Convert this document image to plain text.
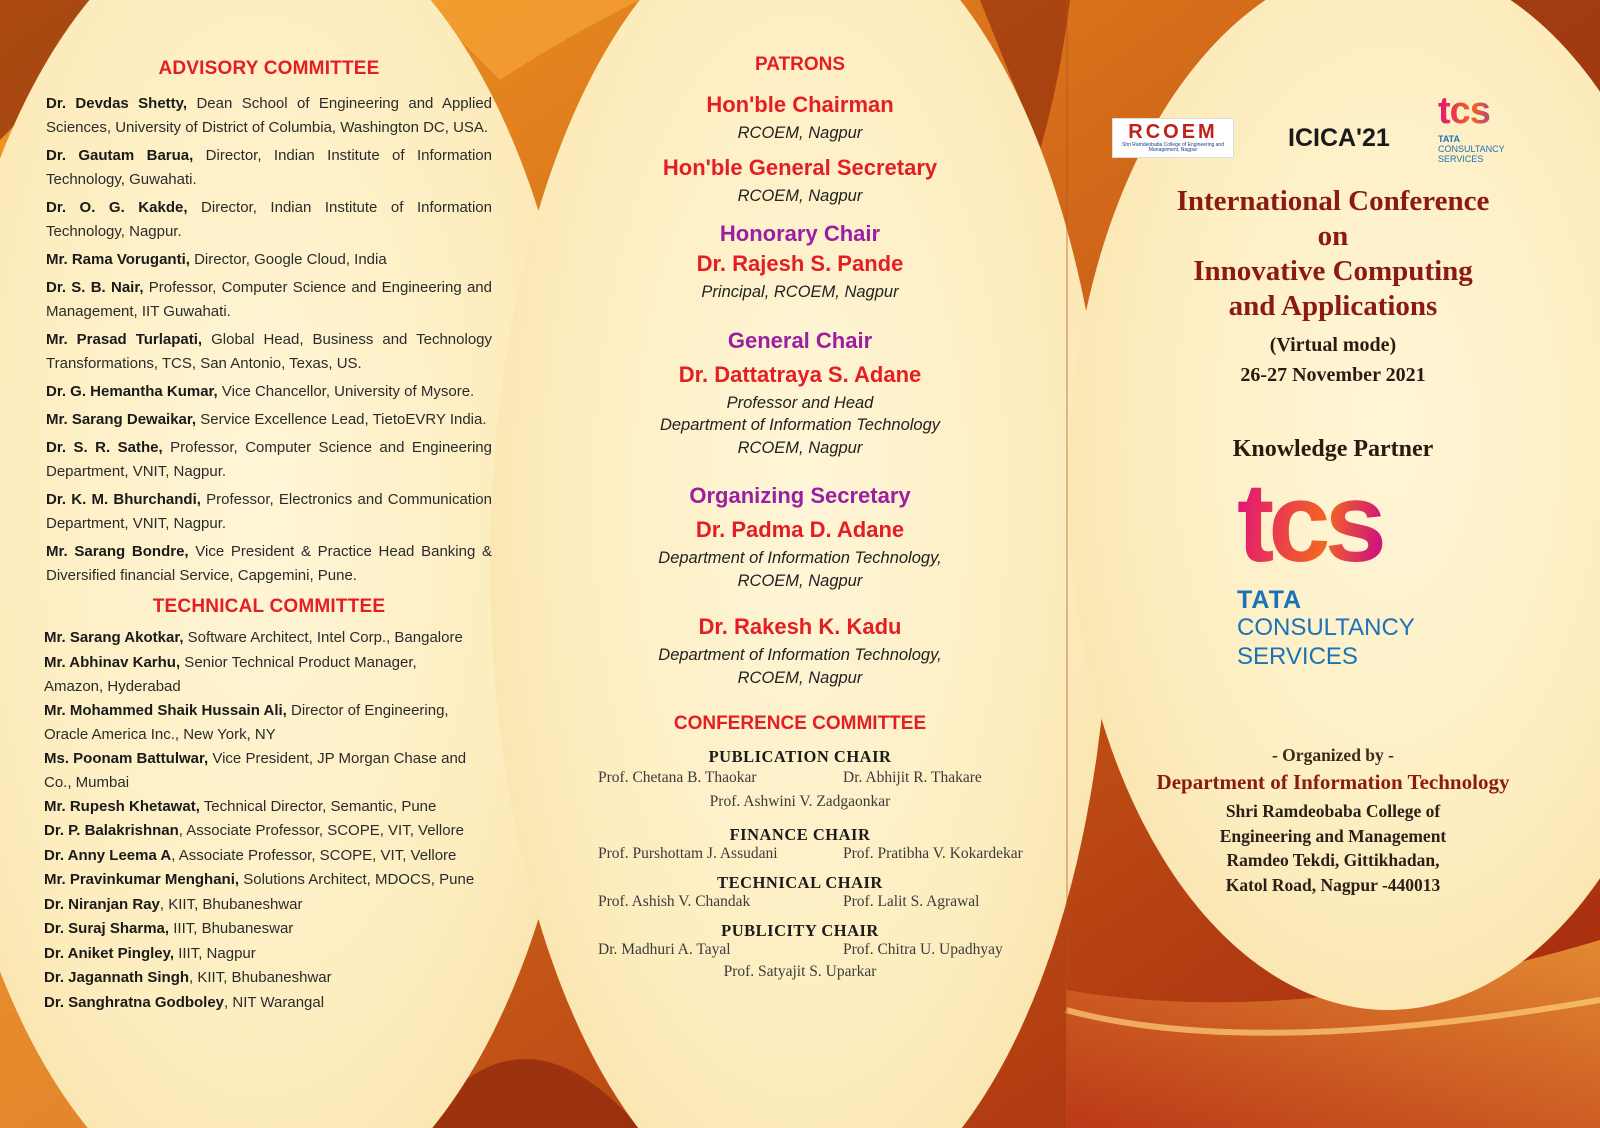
ADVISORY COMMITTEE
Dr. Devdas Shetty, Dean School of Engineering and Applied Sciences, University of District of Columbia, Washington DC, USA.
Dr. Gautam Barua, Director, Indian Institute of Information Technology, Guwahati.
Dr. O. G. Kakde, Director, Indian Institute of Information Technology, Nagpur.
Mr. Rama Voruganti, Director, Google Cloud, India
Dr. S. B. Nair, Professor, Computer Science and Engineering and Management, IIT Guwahati.
Mr. Prasad Turlapati, Global Head, Business and Technology Transformations, TCS, San Antonio, Texas, US.
Dr. G. Hemantha Kumar, Vice Chancellor, University of Mysore.
Mr. Sarang Dewaikar, Service Excellence Lead, TietoEVRY India.
Dr. S. R. Sathe, Professor, Computer Science and Engineering Department, VNIT, Nagpur.
Dr. K. M. Bhurchandi, Professor, Electronics and Communication Department, VNIT, Nagpur.
Mr. Sarang Bondre, Vice President & Practice Head Banking & Diversified financial Service, Capgemini, Pune.
TECHNICAL COMMITTEE
Mr. Sarang Akotkar, Software Architect, Intel Corp., Bangalore
Mr. Abhinav Karhu, Senior Technical Product Manager, Amazon, Hyderabad
Mr. Mohammed Shaik Hussain Ali, Director of Engineering, Oracle America Inc., New York, NY
Ms. Poonam Battulwar, Vice President, JP Morgan Chase and Co., Mumbai
Mr. Rupesh Khetawat, Technical Director, Semantic, Pune
Dr. P. Balakrishnan, Associate Professor, SCOPE, VIT, Vellore
Dr. Anny Leema A, Associate Professor, SCOPE, VIT, Vellore
Mr. Pravinkumar Menghani, Solutions Architect, MDOCS, Pune
Dr. Niranjan Ray, KIIT, Bhubaneshwar
Dr. Suraj Sharma, IIIT, Bhubaneswar
Dr. Aniket Pingley, IIIT, Nagpur
Dr. Jagannath Singh, KIIT, Bhubaneshwar
Dr. Sanghratna Godboley, NIT Warangal
PATRONS
Hon'ble Chairman
RCOEM, Nagpur
Hon'ble General Secretary
RCOEM, Nagpur
Honorary Chair
Dr. Rajesh S. Pande
Principal, RCOEM, Nagpur
General Chair
Dr. Dattatraya S. Adane
Professor and Head
Department of Information Technology
RCOEM, Nagpur
Organizing Secretary
Dr. Padma D. Adane
Department of Information Technology,
RCOEM, Nagpur
Dr. Rakesh K. Kadu
Department of Information Technology,
RCOEM, Nagpur
CONFERENCE COMMITTEE
PUBLICATION CHAIR
Prof. Chetana B. Thaokar	Dr. Abhijit R. Thakare
Prof. Ashwini V. Zadgaonkar
FINANCE CHAIR
Prof. Purshottam J. Assudani	Prof. Pratibha V. Kokardekar
TECHNICAL CHAIR
Prof. Ashish V. Chandak	Prof. Lalit S. Agrawal
PUBLICITY CHAIR
Dr. Madhuri A. Tayal	Prof. Chitra U. Upadhyay
Prof. Satyajit S. Uparkar
RCOEM
Shri Ramdeobaba College of Engineering and Management, Nagpur	ICICA'21
tcs
TATA
CONSULTANCY
SERVICES
International Conference
on
Innovative Computing
and Applications
(Virtual mode)
26-27 November 2021
Knowledge Partner
tcs
TATA
CONSULTANCY
SERVICES
- Organized by -
Department of Information Technology
Shri Ramdeobaba College of
Engineering and Management
Ramdeo Tekdi, Gittikhadan,
Katol Road, Nagpur -440013
